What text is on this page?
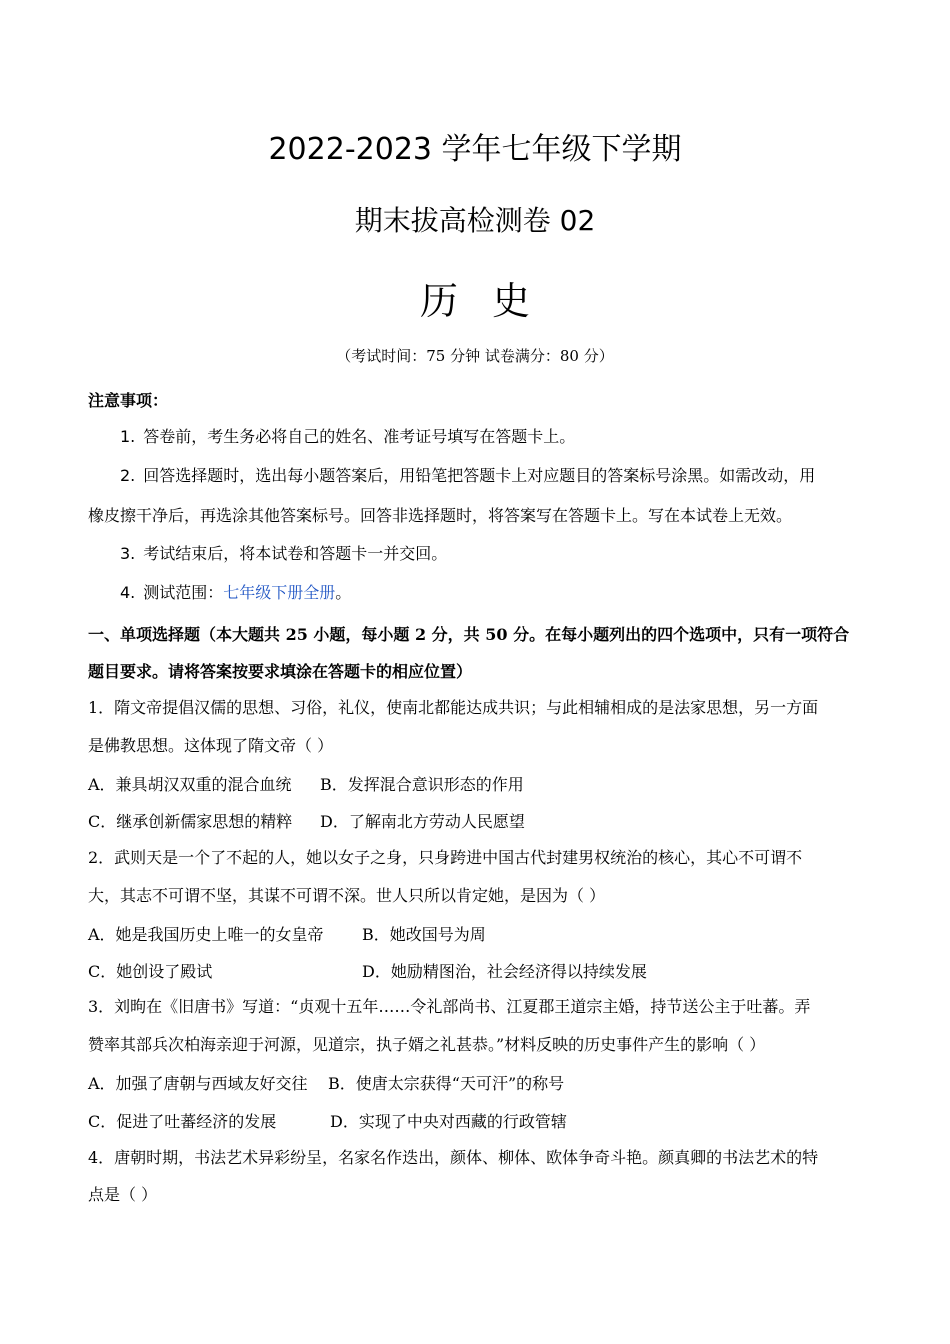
2022-2023 学年七年级下学期
期末拔高检测卷 02
历史
（考试时间：75 分钟 试卷满分：80 分）
注意事项：
1. 答卷前，考生务必将自己的姓名、准考证号填写在答题卡上。
2. 回答选择题时，选出每小题答案后，用铅笔把答题卡上对应题目的答案标号涂黑。如需改动，用
橡皮擦干净后，再选涂其他答案标号。回答非选择题时，将答案写在答题卡上。写在本试卷上无效。
3. 考试结束后，将本试卷和答题卡一并交回。
4. 测试范围：七年级下册全册。
一、单项选择题（本大题共 25 小题，每小题 2 分，共 50 分。在每小题列出的四个选项中，只有一项符合
题目要求。请将答案按要求填涂在答题卡的相应位置）
1．隋文帝提倡汉儒的思想、习俗，礼仪，使南北都能达成共识；与此相辅相成的是法家思想，另一方面
是佛教思想。这体现了隋文帝（ ）
A．兼具胡汉双重的混合血统 B．发挥混合意识形态的作用
C．继承创新儒家思想的精粹 D．了解南北方劳动人民愿望
2．武则天是一个了不起的人，她以女子之身，只身跨进中国古代封建男权统治的核心，其心不可谓不
大，其志不可谓不坚，其谋不可谓不深。世人只所以肯定她，是因为（ ）
A．她是我国历史上唯一的女皇帝 B．她改国号为周
C．她创设了殿试	D．她励精图治，社会经济得以持续发展
3．刘昫在《旧唐书》写道：“贞观十五年……令礼部尚书、江夏郡王道宗主婚，持节送公主于吐蕃。弄
赞率其部兵次柏海亲迎于河源，见道宗，执子婿之礼甚恭。”材料反映的历史事件产生的影响（ ）
A．加强了唐朝与西域友好交往 B．使唐太宗获得“天可汗”的称号
C．促进了吐蕃经济的发展	D．实现了中央对西藏的行政管辖
4．唐朝时期，书法艺术异彩纷呈，名家名作迭出，颜体、柳体、欧体争奇斗艳。颜真卿的书法艺术的特
点是（ ）
